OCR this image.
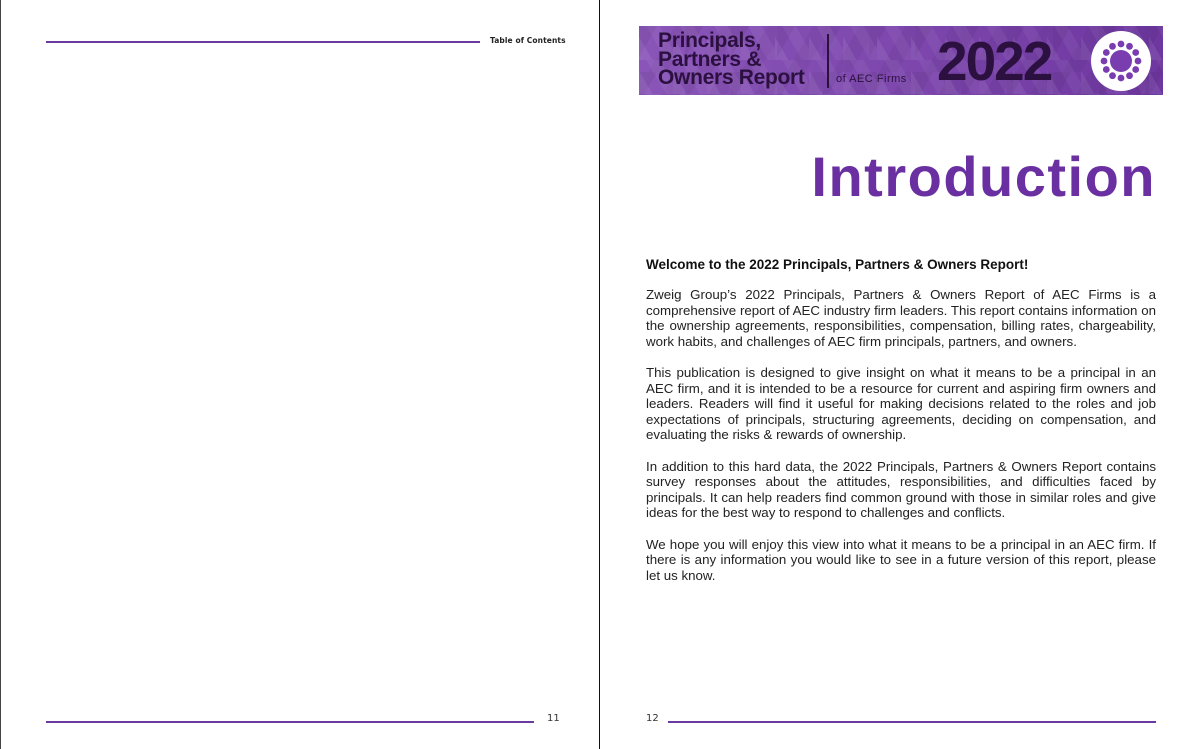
Table of Contents
11
Principals,
Partners &
Owners Report	of AEC Firms 2022
Introduction
Welcome to the 2022 Principals, Partners & Owners Report!

Zweig Group’s 2022 Principals, Partners & Owners Report of AEC Firms is a comprehensive report of AEC industry firm leaders. This report contains information on the ownership agreements, responsibilities, compensation, billing rates, chargeability, work habits, and challenges of AEC firm principals, partners, and owners.

This publication is designed to give insight on what it means to be a principal in an AEC firm, and it is intended to be a resource for current and aspiring firm owners and leaders. Readers will find it useful for making decisions related to the roles and job expectations of principals, structuring agreements, deciding on compensation, and evaluating the risks & rewards of ownership.

In addition to this hard data, the 2022 Principals, Partners & Owners Report contains survey responses about the attitudes, responsibilities, and difficulties faced by principals. It can help readers find common ground with those in similar roles and give ideas for the best way to respond to challenges and conflicts.

We hope you will enjoy this view into what it means to be a principal in an AEC firm. If there is any information you would like to see in a future version of this report, please let us know.

12
